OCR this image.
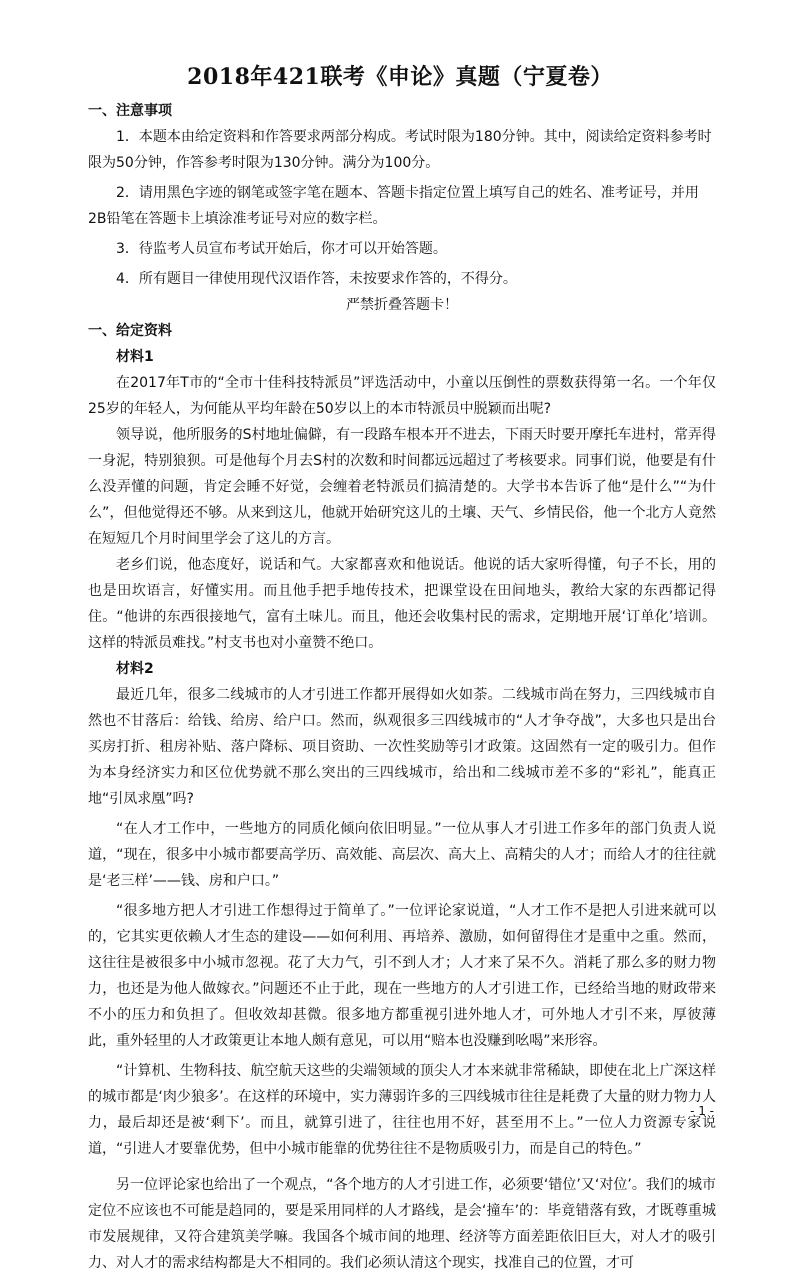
2018年421联考《申论》真题（宁夏卷）

一、注意事项

1．本题本由给定资料和作答要求两部分构成。考试时限为180分钟。其中，阅读给定资料参考时限为50分钟，作答参考时限为130分钟。满分为100分。

2．请用黑色字迹的钢笔或签字笔在题本、答题卡指定位置上填写自己的姓名、准考证号，并用2B铅笔在答题卡上填涂准考证号对应的数字栏。

3．待监考人员宣布考试开始后，你才可以开始答题。

4．所有题目一律使用现代汉语作答，未按要求作答的，不得分。

严禁折叠答题卡！

一、给定资料

材料1

在2017年T市的“全市十佳科技特派员”评选活动中，小童以压倒性的票数获得第一名。一个年仅25岁的年轻人，为何能从平均年龄在50岁以上的本市特派员中脱颖而出呢?

领导说，他所服务的S村地址偏僻，有一段路车根本开不进去，下雨天时要开摩托车进村，常弄得一身泥，特别狼狈。可是他每个月去S村的次数和时间都远远超过了考核要求。同事们说，他要是有什么没弄懂的问题，肯定会睡不好觉，会缠着老特派员们搞清楚的。大学书本告诉了他“是什么”“为什么”，但他觉得还不够。从来到这儿，他就开始研究这儿的土壤、天气、乡情民俗，他一个北方人竟然在短短几个月时间里学会了这儿的方言。

老乡们说，他态度好，说话和气。大家都喜欢和他说话。他说的话大家听得懂，句子不长，用的也是田坎语言，好懂实用。而且他手把手地传技术，把课堂设在田间地头，教给大家的东西都记得住。“他讲的东西很接地气，富有土味儿。而且，他还会收集村民的需求，定期地开展‘订单化’培训。这样的特派员难找。”村支书也对小童赞不绝口。

材料2

最近几年，很多二线城市的人才引进工作都开展得如火如荼。二线城市尚在努力，三四线城市自然也不甘落后：给钱、给房、给户口。然而，纵观很多三四线城市的“人才争夺战”，大多也只是出台买房打折、租房补贴、落户降标、项目资助、一次性奖励等引才政策。这固然有一定的吸引力。但作为本身经济实力和区位优势就不那么突出的三四线城市，给出和二线城市差不多的“彩礼”，能真正地“引凤求凰”吗?

“在人才工作中，一些地方的同质化倾向依旧明显。”一位从事人才引进工作多年的部门负责人说道，“现在，很多中小城市都要高学历、高效能、高层次、高大上、高精尖的人才；而给人才的往往就是‘老三样’——钱、房和户口。”

“很多地方把人才引进工作想得过于简单了。”一位评论家说道，“人才工作不是把人引进来就可以的，它其实更依赖人才生态的建设——如何利用、再培养、激励，如何留得住才是重中之重。然而，这往往是被很多中小城市忽视。花了大力气，引不到人才；人才来了呆不久。消耗了那么多的财力物力，也还是为他人做嫁衣。”问题还不止于此，现在一些地方的人才引进工作，已经给当地的财政带来不小的压力和负担了。但收效却甚微。很多地方都重视引进外地人才，可外地人才引不来，厚彼薄此，重外轻里的人才政策更让本地人颇有意见，可以用“赔本也没赚到吆喝”来形容。

“计算机、生物科技、航空航天这些的尖端领域的顶尖人才本来就非常稀缺，即使在北上广深这样的城市都是‘肉少狼多’。在这样的环境中，实力薄弱许多的三四线城市往往是耗费了大量的财力物力人力，最后却还是被‘剩下’。而且，就算引进了，往往也用不好，甚至用不上。”一位人力资源专家说道，“引进人才要靠优势，但中小城市能靠的优势往往不是物质吸引力，而是自己的特色。”

另一位评论家也给出了一个观点，“各个地方的人才引进工作，必须要‘错位’又‘对位’。我们的城市定位不应该也不可能是趋同的，要是采用同样的人才路线，是会‘撞车’的：毕竟错落有致，才既尊重城市发展规律，又符合建筑美学嘛。我国各个城市间的地理、经济等方面差距依旧巨大，对人才的吸引力、对人才的需求结构都是大不相同的。我们必须认清这个现实，找准自己的位置，才可

- 1 -
